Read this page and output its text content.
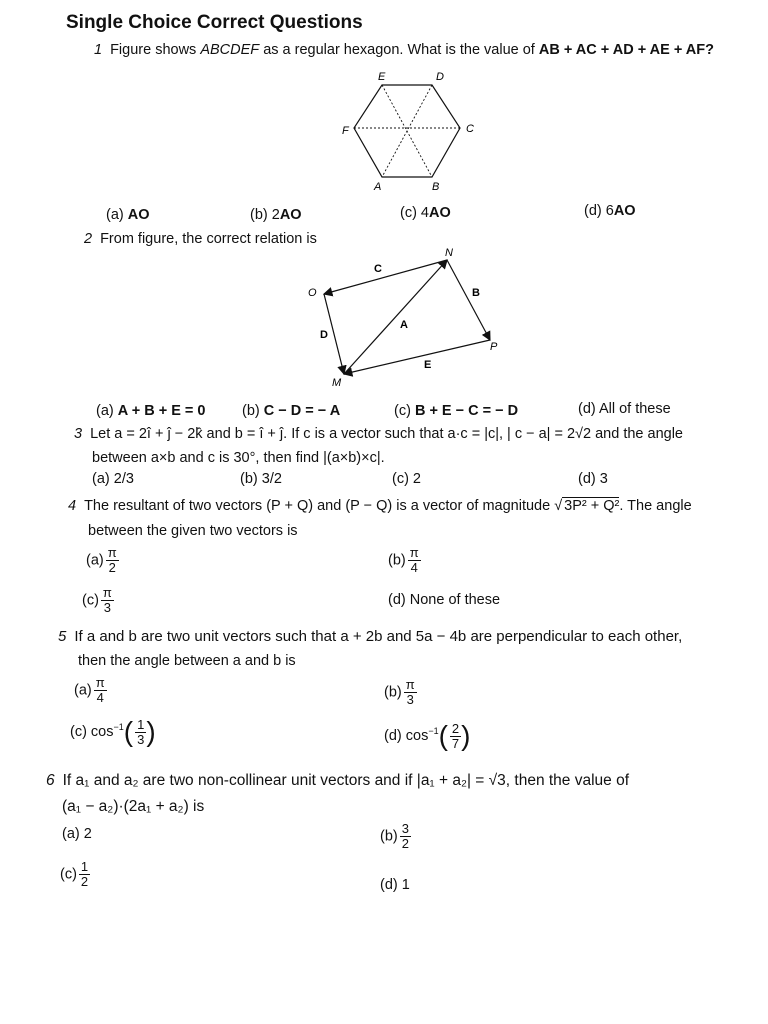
Single Choice Correct Questions
1 Figure shows ABCDEF as a regular hexagon. What is the value of AB + AC + AD + AE + AF?
E	D
C
F
A	B
(a) AO	(b) 2AO	(c) 4AO	(d) 6AO
2 From figure, the correct relation is
N
O
P
M
C
B
D
A
E
(a) A + B + E = 0	(b) C − D = − A	(c) B + E − C = − D	(d) All of these
3 Let a = 2î + ĵ − 2k̂ and b = î + ĵ. If c is a vector such that a·c = |c|, | c − a| = 2√2 and the angle
between a×b and c is 30°, then find |(a×b)×c|.
(a) 2/3	(b) 3/2	(c) 2	(d) 3
4 The resultant of two vectors (P + Q) and (P − Q) is a vector of magnitude √ 3P² + Q². The angle
between the given two vectors is
$(a) \frac{\pi}{2}$	$(b) \frac{\pi}{4}$
$(c) \frac{\pi}{3}$	(d) None of these
5 If a and b are two unit vectors such that a + 2b and 5a − 4b are perpendicular to each other,
then the angle between a and b is
$(a) \frac{\pi}{4}$	$(b) \frac{\pi}{3}$
(c) $\cos^{-1}( \frac{1}{3}$ )	(d) $\cos^{-1}( \frac{2}{7}$ )
6 If a₁ and a₂ are two non-collinear unit vectors and if |a₁ + a₂| = √3, then the value of
(a₁ − a₂)·(2a₁ + a₂) is
(a) 2	$(b) \frac{3}{2}$
$(c) \frac{1}{2}$	(d) 1
